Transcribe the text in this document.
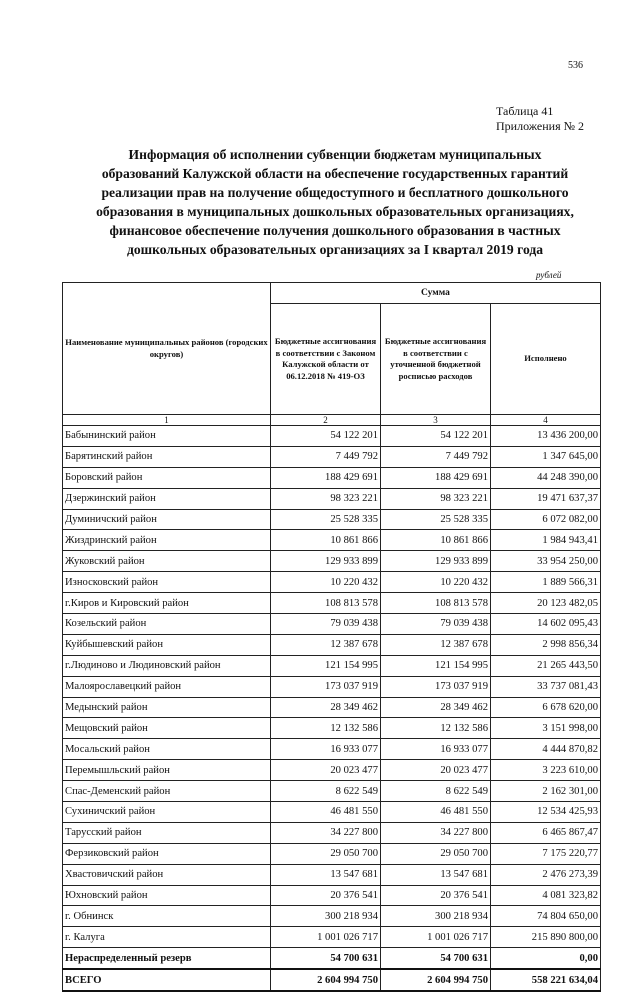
536
Таблица 41
Приложения № 2
Информация об исполнении субвенции бюджетам муниципальных
образований Калужской области на обеспечение государственных гарантий
реализации прав на получение общедоступного и бесплатного дошкольного
образования в муниципальных дошкольных образовательных организациях,
финансовое обеспечение получения дошкольного образования в частных
дошкольных образовательных организациях за I квартал 2019 года
рублей
Наименование муниципальных районов (городских округов)	Сумма		
	Бюджетные ассигнования в соответствии с Законом Калужской области от 06.12.2018 № 419-ОЗ	Бюджетные ассигнования в соответствии с уточненной бюджетной росписью расходов	Исполнено
1	2	3	4
Бабынинский район	54 122 201	54 122 201	13 436 200,00
Барятинский район	7 449 792	7 449 792	1 347 645,00
Боровский район	188 429 691	188 429 691	44 248 390,00
Дзержинский район	98 323 221	98 323 221	19 471 637,37
Думиничский район	25 528 335	25 528 335	6 072 082,00
Жиздринский район	10 861 866	10 861 866	1 984 943,41
Жуковский район	129 933 899	129 933 899	33 954 250,00
Износковский район	10 220 432	10 220 432	1 889 566,31
г.Киров и Кировский район	108 813 578	108 813 578	20 123 482,05
Козельский район	79 039 438	79 039 438	14 602 095,43
Куйбышевский район	12 387 678	12 387 678	2 998 856,34
г.Людиново и Людиновский район	121 154 995	121 154 995	21 265 443,50
Малоярославецкий район	173 037 919	173 037 919	33 737 081,43
Медынский район	28 349 462	28 349 462	6 678 620,00
Мещовский район	12 132 586	12 132 586	3 151 998,00
Мосальский район	16 933 077	16 933 077	4 444 870,82
Перемышльский район	20 023 477	20 023 477	3 223 610,00
Спас-Деменский район	8 622 549	8 622 549	2 162 301,00
Сухиничский район	46 481 550	46 481 550	12 534 425,93
Тарусский район	34 227 800	34 227 800	6 465 867,47
Ферзиковский район	29 050 700	29 050 700	7 175 220,77
Хвастовичский район	13 547 681	13 547 681	2 476 273,39
Юхновский район	20 376 541	20 376 541	4 081 323,82
г. Обнинск	300 218 934	300 218 934	74 804 650,00
г. Калуга	1 001 026 717	1 001 026 717	215 890 800,00
Нераспределенный резерв	54 700 631	54 700 631	0,00
ВСЕГО	2 604 994 750	2 604 994 750	558 221 634,04
